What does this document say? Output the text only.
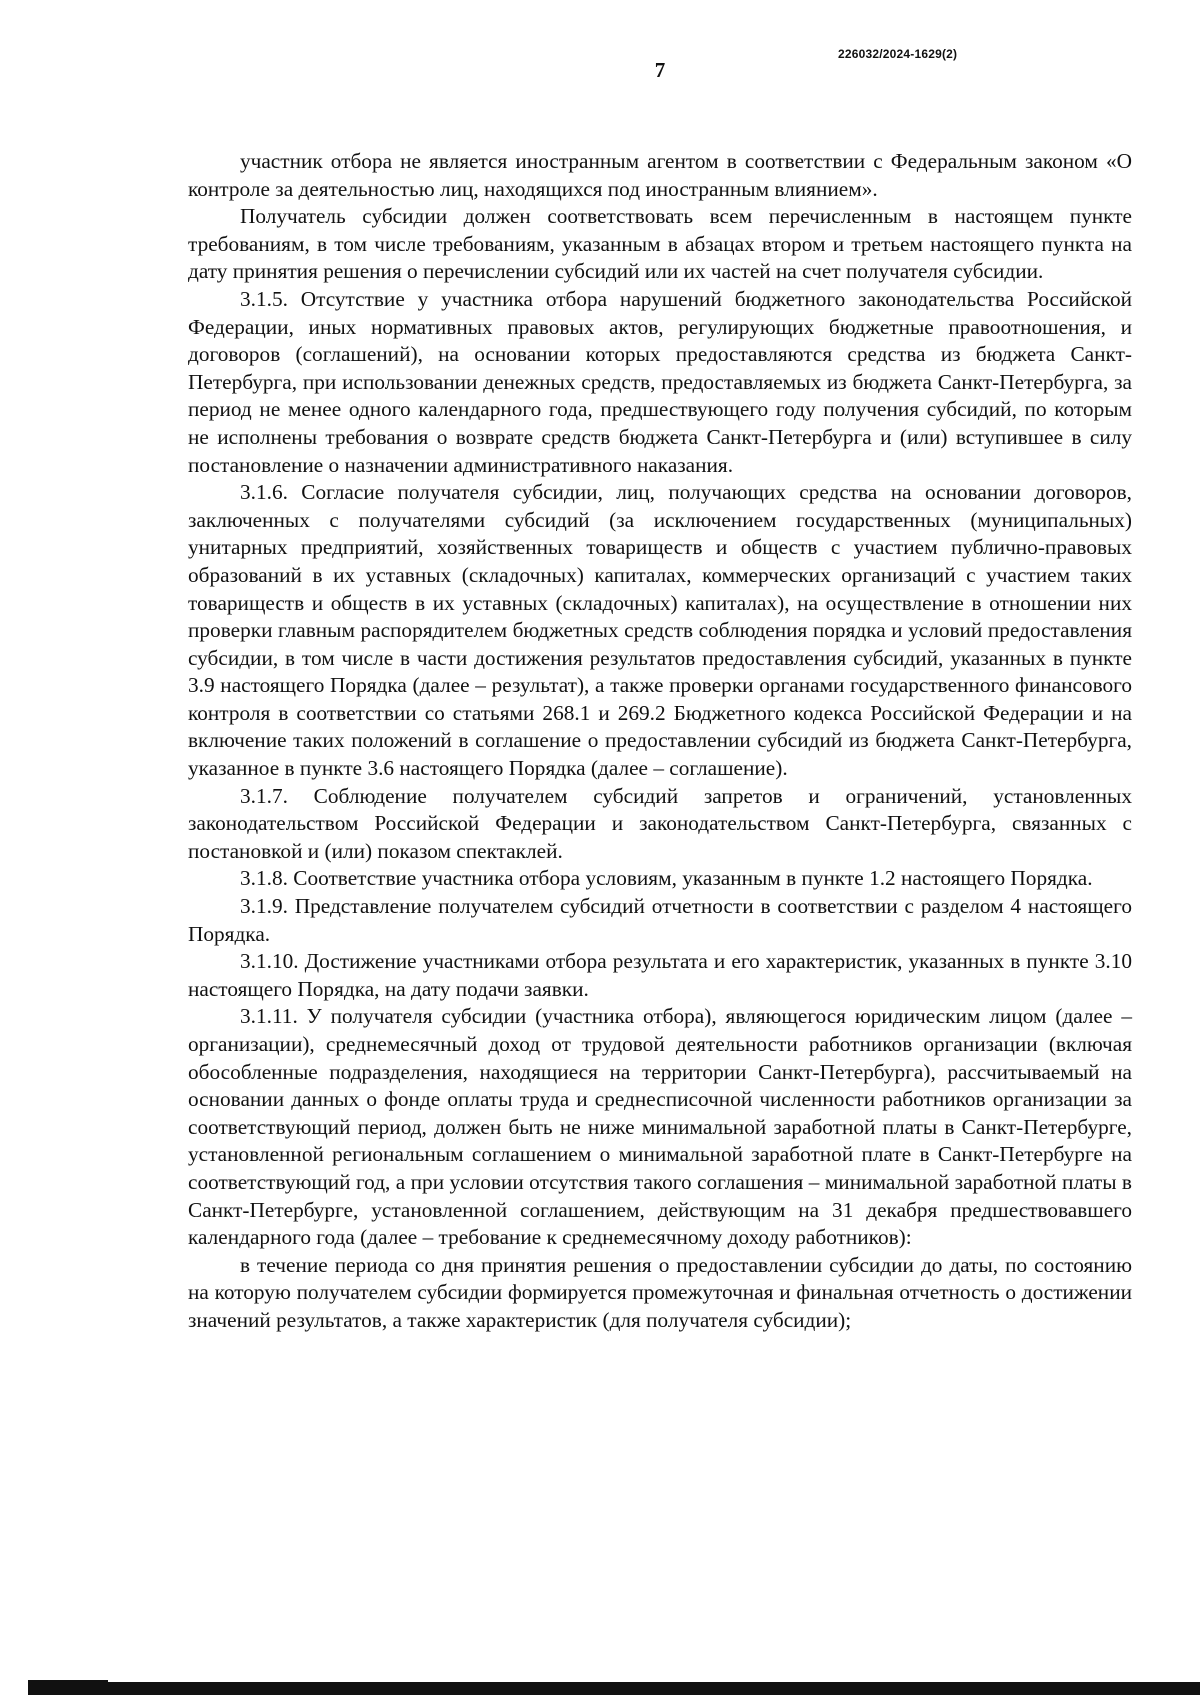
226032/2024-1629(2)
7

участник отбора не является иностранным агентом в соответствии с Федеральным законом «О контроле за деятельностью лиц, находящихся под иностранным влиянием».

Получатель субсидии должен соответствовать всем перечисленным в настоящем пункте требованиям, в том числе требованиям, указанным в абзацах втором и третьем настоящего пункта на дату принятия решения о перечислении субсидий или их частей на счет получателя субсидии.

3.1.5. Отсутствие у участника отбора нарушений бюджетного законодательства Российской Федерации, иных нормативных правовых актов, регулирующих бюджетные правоотношения, и договоров (соглашений), на основании которых предоставляются средства из бюджета Санкт-Петербурга, при использовании денежных средств, предоставляемых из бюджета Санкт-Петербурга, за период не менее одного календарного года, предшествующего году получения субсидий, по которым не исполнены требования о возврате средств бюджета Санкт-Петербурга и (или) вступившее в силу постановление о назначении административного наказания.

3.1.6. Согласие получателя субсидии, лиц, получающих средства на основании договоров, заключенных с получателями субсидий (за исключением государственных (муниципальных) унитарных предприятий, хозяйственных товариществ и обществ с участием публично-правовых образований в их уставных (складочных) капиталах, коммерческих организаций с участием таких товариществ и обществ в их уставных (складочных) капиталах), на осуществление в отношении них проверки главным распорядителем бюджетных средств соблюдения порядка и условий предоставления субсидии, в том числе в части достижения результатов предоставления субсидий, указанных в пункте 3.9 настоящего Порядка (далее – результат), а также проверки органами государственного финансового контроля в соответствии со статьями 268.1 и 269.2 Бюджетного кодекса Российской Федерации и на включение таких положений в соглашение о предоставлении субсидий из бюджета Санкт-Петербурга, указанное в пункте 3.6 настоящего Порядка (далее – соглашение).

3.1.7. Соблюдение получателем субсидий запретов и ограничений, установленных законодательством Российской Федерации и законодательством Санкт-Петербурга, связанных с постановкой и (или) показом спектаклей.

3.1.8. Соответствие участника отбора условиям, указанным в пункте 1.2 настоящего Порядка.

3.1.9. Представление получателем субсидий отчетности в соответствии с разделом 4 настоящего Порядка.

3.1.10. Достижение участниками отбора результата и его характеристик, указанных в пункте 3.10 настоящего Порядка, на дату подачи заявки.

3.1.11. У получателя субсидии (участника отбора), являющегося юридическим лицом (далее – организации), среднемесячный доход от трудовой деятельности работников организации (включая обособленные подразделения, находящиеся на территории Санкт-Петербурга), рассчитываемый на основании данных о фонде оплаты труда и среднесписочной численности работников организации за соответствующий период, должен быть не ниже минимальной заработной платы в Санкт-Петербурге, установленной региональным соглашением о минимальной заработной плате в Санкт-Петербурге на соответствующий год, а при условии отсутствия такого соглашения – минимальной заработной платы в Санкт-Петербурге, установленной соглашением, действующим на 31 декабря предшествовавшего календарного года (далее – требование к среднемесячному доходу работников):

в течение периода со дня принятия решения о предоставлении субсидии до даты, по состоянию на которую получателем субсидии формируется промежуточная и финальная отчетность о достижении значений результатов, а также характеристик (для получателя субсидии);
